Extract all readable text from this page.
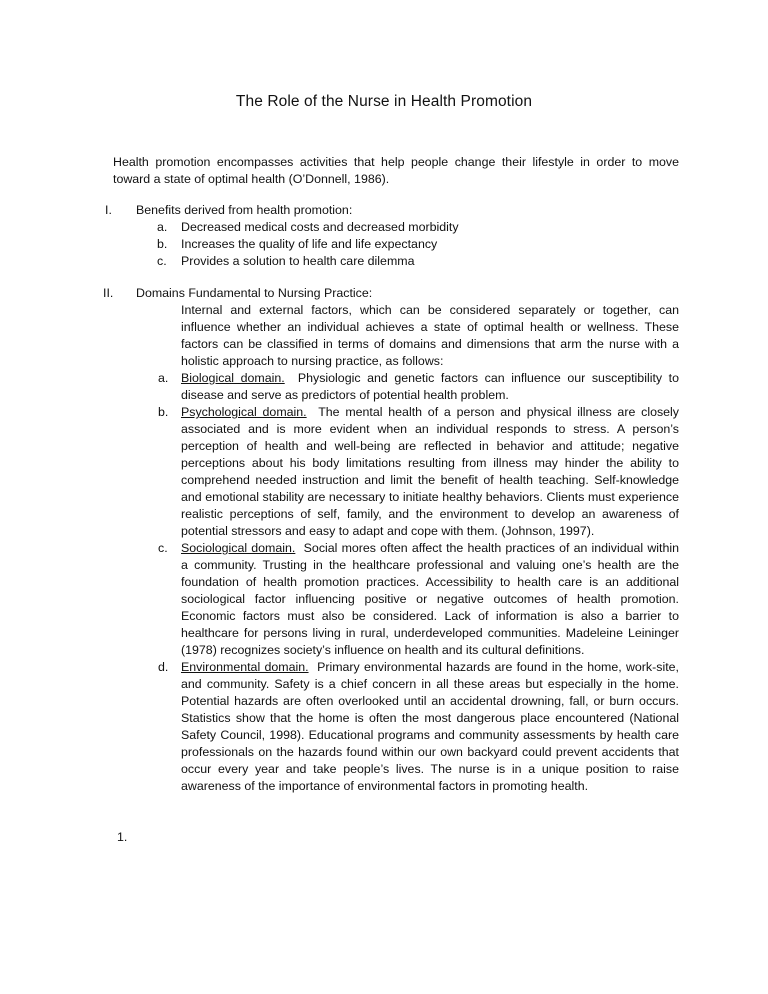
The Role of the Nurse in Health Promotion

Health promotion encompasses activities that help people change their lifestyle in order to move toward a state of optimal health (O’Donnell, 1986).

I. Benefits derived from health promotion:
a. Decreased medical costs and decreased morbidity
b. Increases the quality of life and life expectancy
c. Provides a solution to health care dilemma
II. Domains Fundamental to Nursing Practice:

Internal and external factors, which can be considered separately or together, can influence whether an individual achieves a state of optimal health or wellness. These factors can be classified in terms of domains and dimensions that arm the nurse with a holistic approach to nursing practice, as follows:

a. Biological domain. Physiologic and genetic factors can influence our susceptibility to disease and serve as predictors of potential health problem.
b. Psychological domain. The mental health of a person and physical illness are closely associated and is more evident when an individual responds to stress. A person’s perception of health and well-being are reflected in behavior and attitude; negative perceptions about his body limitations resulting from illness may hinder the ability to comprehend needed instruction and limit the benefit of health teaching. Self-knowledge and emotional stability are necessary to initiate healthy behaviors. Clients must experience realistic perceptions of self, family, and the environment to develop an awareness of potential stressors and easy to adapt and cope with them. (Johnson, 1997).
c. Sociological domain. Social mores often affect the health practices of an individual within a community. Trusting in the healthcare professional and valuing one’s health are the foundation of health promotion practices. Accessibility to health care is an additional sociological factor influencing positive or negative outcomes of health promotion. Economic factors must also be considered. Lack of information is also a barrier to healthcare for persons living in rural, underdeveloped communities. Madeleine Leininger (1978) recognizes society’s influence on health and its cultural definitions.
d. Environmental domain. Primary environmental hazards are found in the home, work-site, and community. Safety is a chief concern in all these areas but especially in the home. Potential hazards are often overlooked until an accidental drowning, fall, or burn occurs. Statistics show that the home is often the most dangerous place encountered (National Safety Council, 1998). Educational programs and community assessments by health care professionals on the hazards found within our own backyard could prevent accidents that occur every year and take people’s lives. The nurse is in a unique position to raise awareness of the importance of environmental factors in promoting health.
1.
